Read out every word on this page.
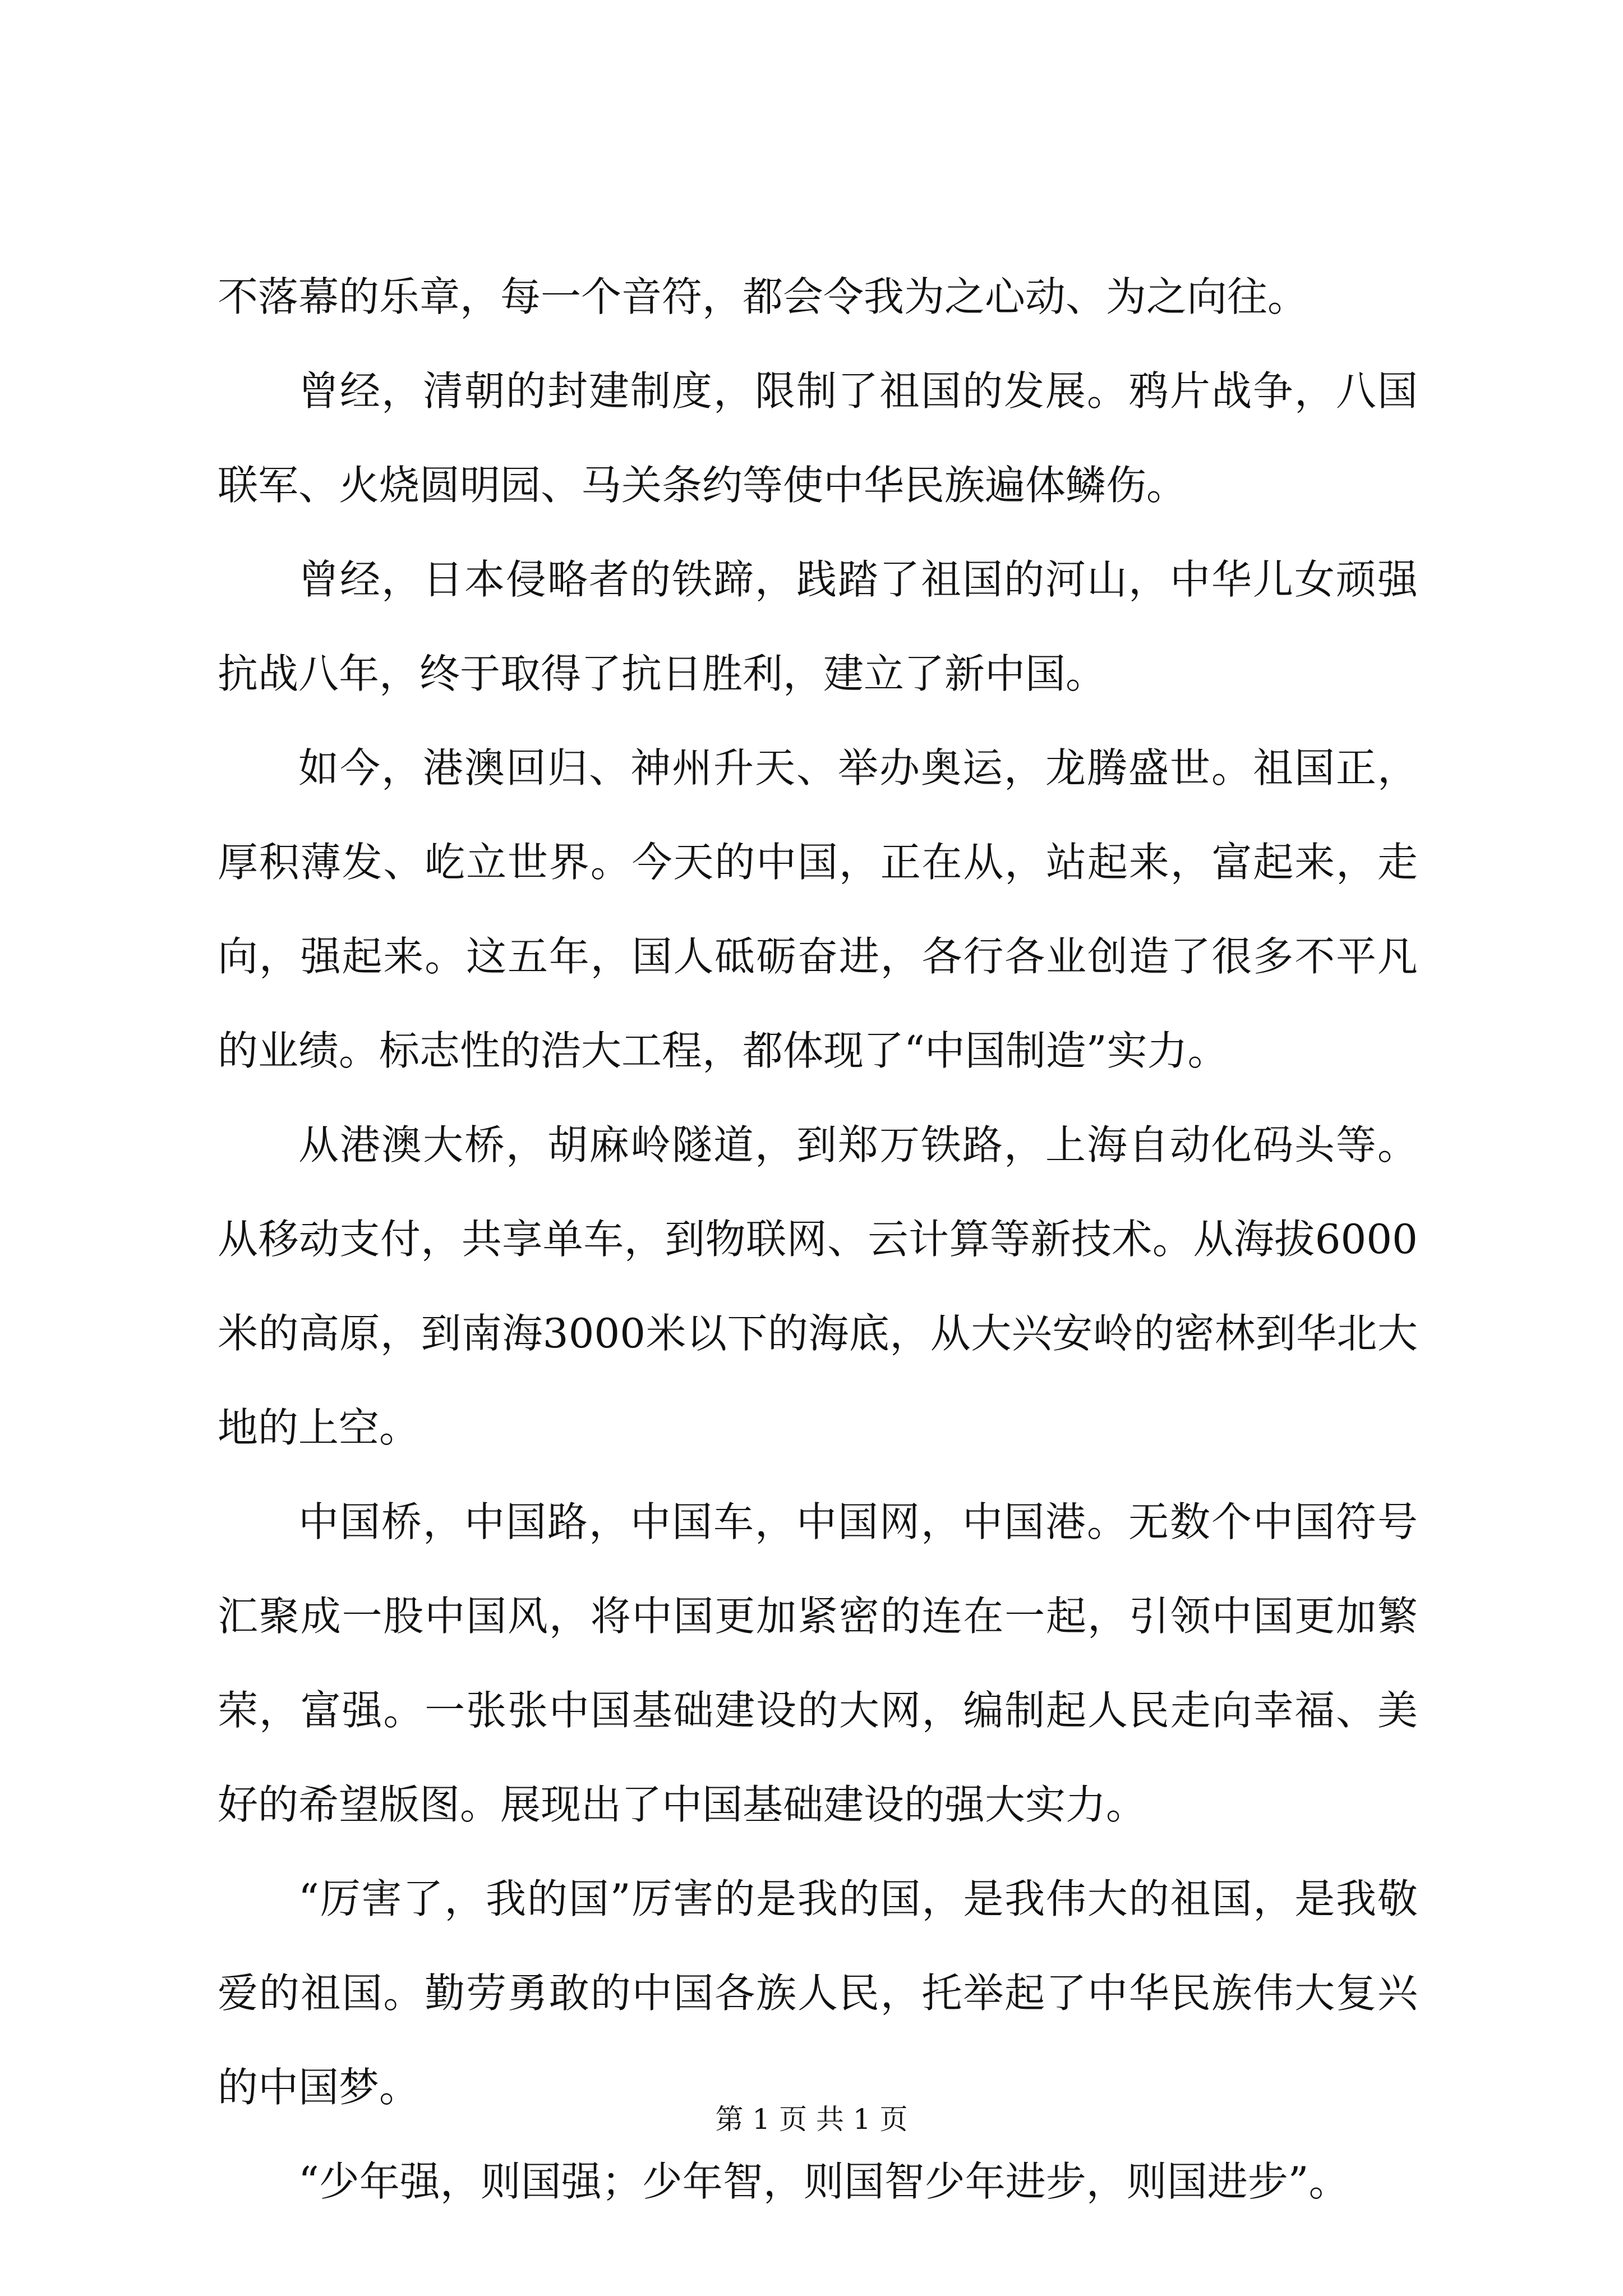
不落幕的乐章，每一个音符，都会令我为之心动、为之向往。

曾经，清朝的封建制度，限制了祖国的发展。鸦片战争，八国联军、火烧圆明园、马关条约等使中华民族遍体鳞伤。

曾经，日本侵略者的铁蹄，践踏了祖国的河山，中华儿女顽强抗战八年，终于取得了抗日胜利，建立了新中国。

如今，港澳回归、神州升天、举办奥运，龙腾盛世。祖国正，厚积薄发、屹立世界。今天的中国，正在从，站起来，富起来，走向，强起来。这五年，国人砥砺奋进，各行各业创造了很多不平凡的业绩。标志性的浩大工程，都体现了“中国制造”实力。

从港澳大桥，胡麻岭隧道，到郑万铁路，上海自动化码头等。从移动支付，共享单车，到物联网、云计算等新技术。从海拔6000米的高原，到南海3000米以下的海底，从大兴安岭的密林到华北大地的上空。

中国桥，中国路，中国车，中国网，中国港。无数个中国符号汇聚成一股中国风，将中国更加紧密的连在一起，引领中国更加繁荣，富强。一张张中国基础建设的大网，编制起人民走向幸福、美好的希望版图。展现出了中国基础建设的强大实力。

“厉害了，我的国”厉害的是我的国，是我伟大的祖国，是我敬爱的祖国。勤劳勇敢的中国各族人民，托举起了中华民族伟大复兴的中国梦。

“少年强，则国强；少年智，则国智少年进步，则国进步”。

第 1 页 共 1 页
